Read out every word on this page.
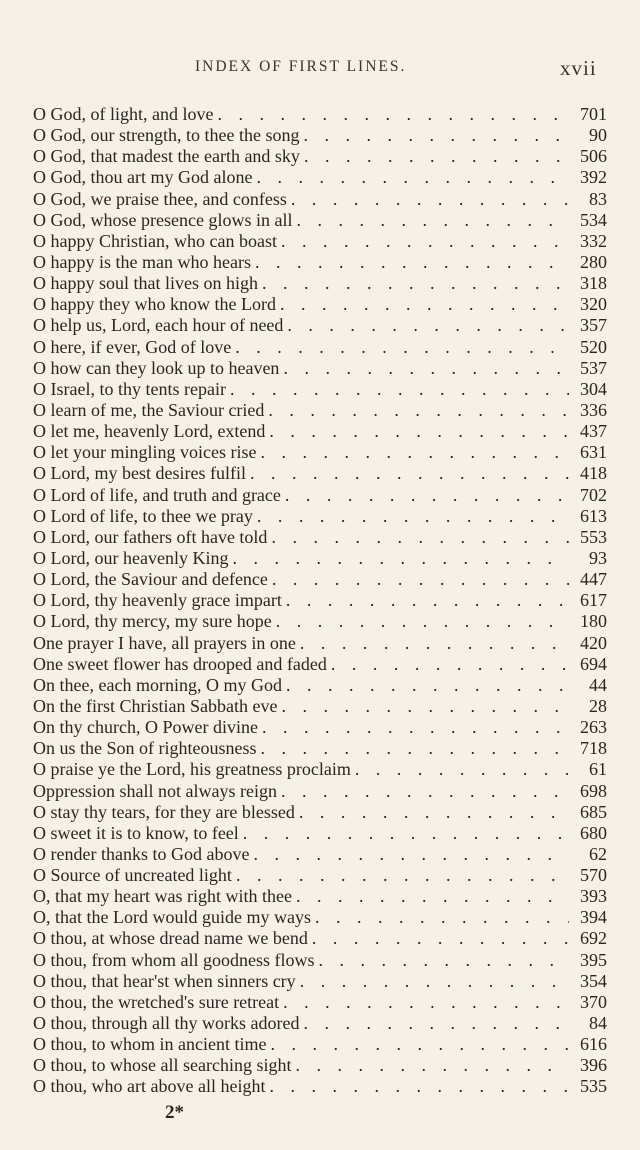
INDEX OF FIRST LINES.	xvii
O God, of light, and love . . .	701
O God, our strength, to thee the song . . .	90
O God, that madest the earth and sky . . .	506
O God, thou art my God alone . . .	392
O God, we praise thee, and confess . . .	83
O God, whose presence glows in all . . .	534
O happy Christian, who can boast . . .	332
O happy is the man who hears . . .	280
O happy soul that lives on high . . .	318
O happy they who know the Lord . . .	320
O help us, Lord, each hour of need . . .	357
O here, if ever, God of love . . .	520
O how can they look up to heaven . . .	537
O Israel, to thy tents repair . . .	304
O learn of me, the Saviour cried . . .	336
O let me, heavenly Lord, extend . . .	437
O let your mingling voices rise . . .	631
O Lord, my best desires fulfil . . .	418
O Lord of life, and truth and grace . . .	702
O Lord of life, to thee we pray . . .	613
O Lord, our fathers oft have told . . .	553
O Lord, our heavenly King . . .	93
O Lord, the Saviour and defence . . .	447
O Lord, thy heavenly grace impart . . .	617
O Lord, thy mercy, my sure hope . . .	180
One prayer I have, all prayers in one . . .	420
One sweet flower has drooped and faded . . .	694
On thee, each morning, O my God . . .	44
On the first Christian Sabbath eve . . .	28
On thy church, O Power divine . . .	263
On us the Son of righteousness . . .	718
O praise ye the Lord, his greatness proclaim . . .	61
Oppression shall not always reign . . .	698
O stay thy tears, for they are blessed . . .	685
O sweet it is to know, to feel . . .	680
O render thanks to God above . . .	62
O Source of uncreated light . . .	570
O, that my heart was right with thee . . .	393
O, that the Lord would guide my ways . . .	394
O thou, at whose dread name we bend . . .	692
O thou, from whom all goodness flows . . .	395
O thou, that hear'st when sinners cry . . .	354
O thou, the wretched's sure retreat . . .	370
O thou, through all thy works adored . . .	84
O thou, to whom in ancient time . . .	616
O thou, to whose all searching sight . . .	396
O thou, who art above all height . . .	535
2*
